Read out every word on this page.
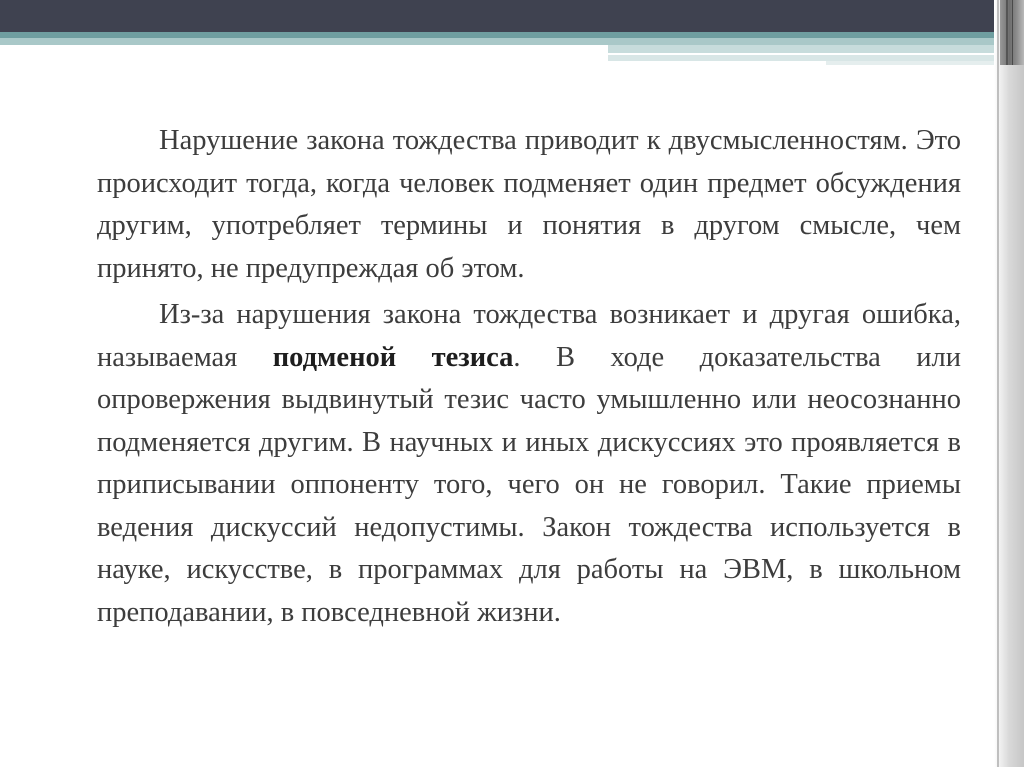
Нарушение закона тождества приводит к двусмысленностям. Это происходит тогда, когда человек подменяет один предмет обсуждения другим, употребляет термины и понятия в другом смысле, чем принято, не предупреждая об этом.

Из-за нарушения закона тождества возникает и другая ошибка, называемая подменой тезиса. В ходе доказательства или опровержения выдвинутый тезис часто умышленно или неосознанно подменяется другим. В научных и иных дискуссиях это проявляется в приписывании оппоненту того, чего он не говорил. Такие приемы ведения дискуссий недопустимы. Закон тождества используется в науке, искусстве, в программах для работы на ЭВМ, в школьном преподавании, в повседневной жизни.
